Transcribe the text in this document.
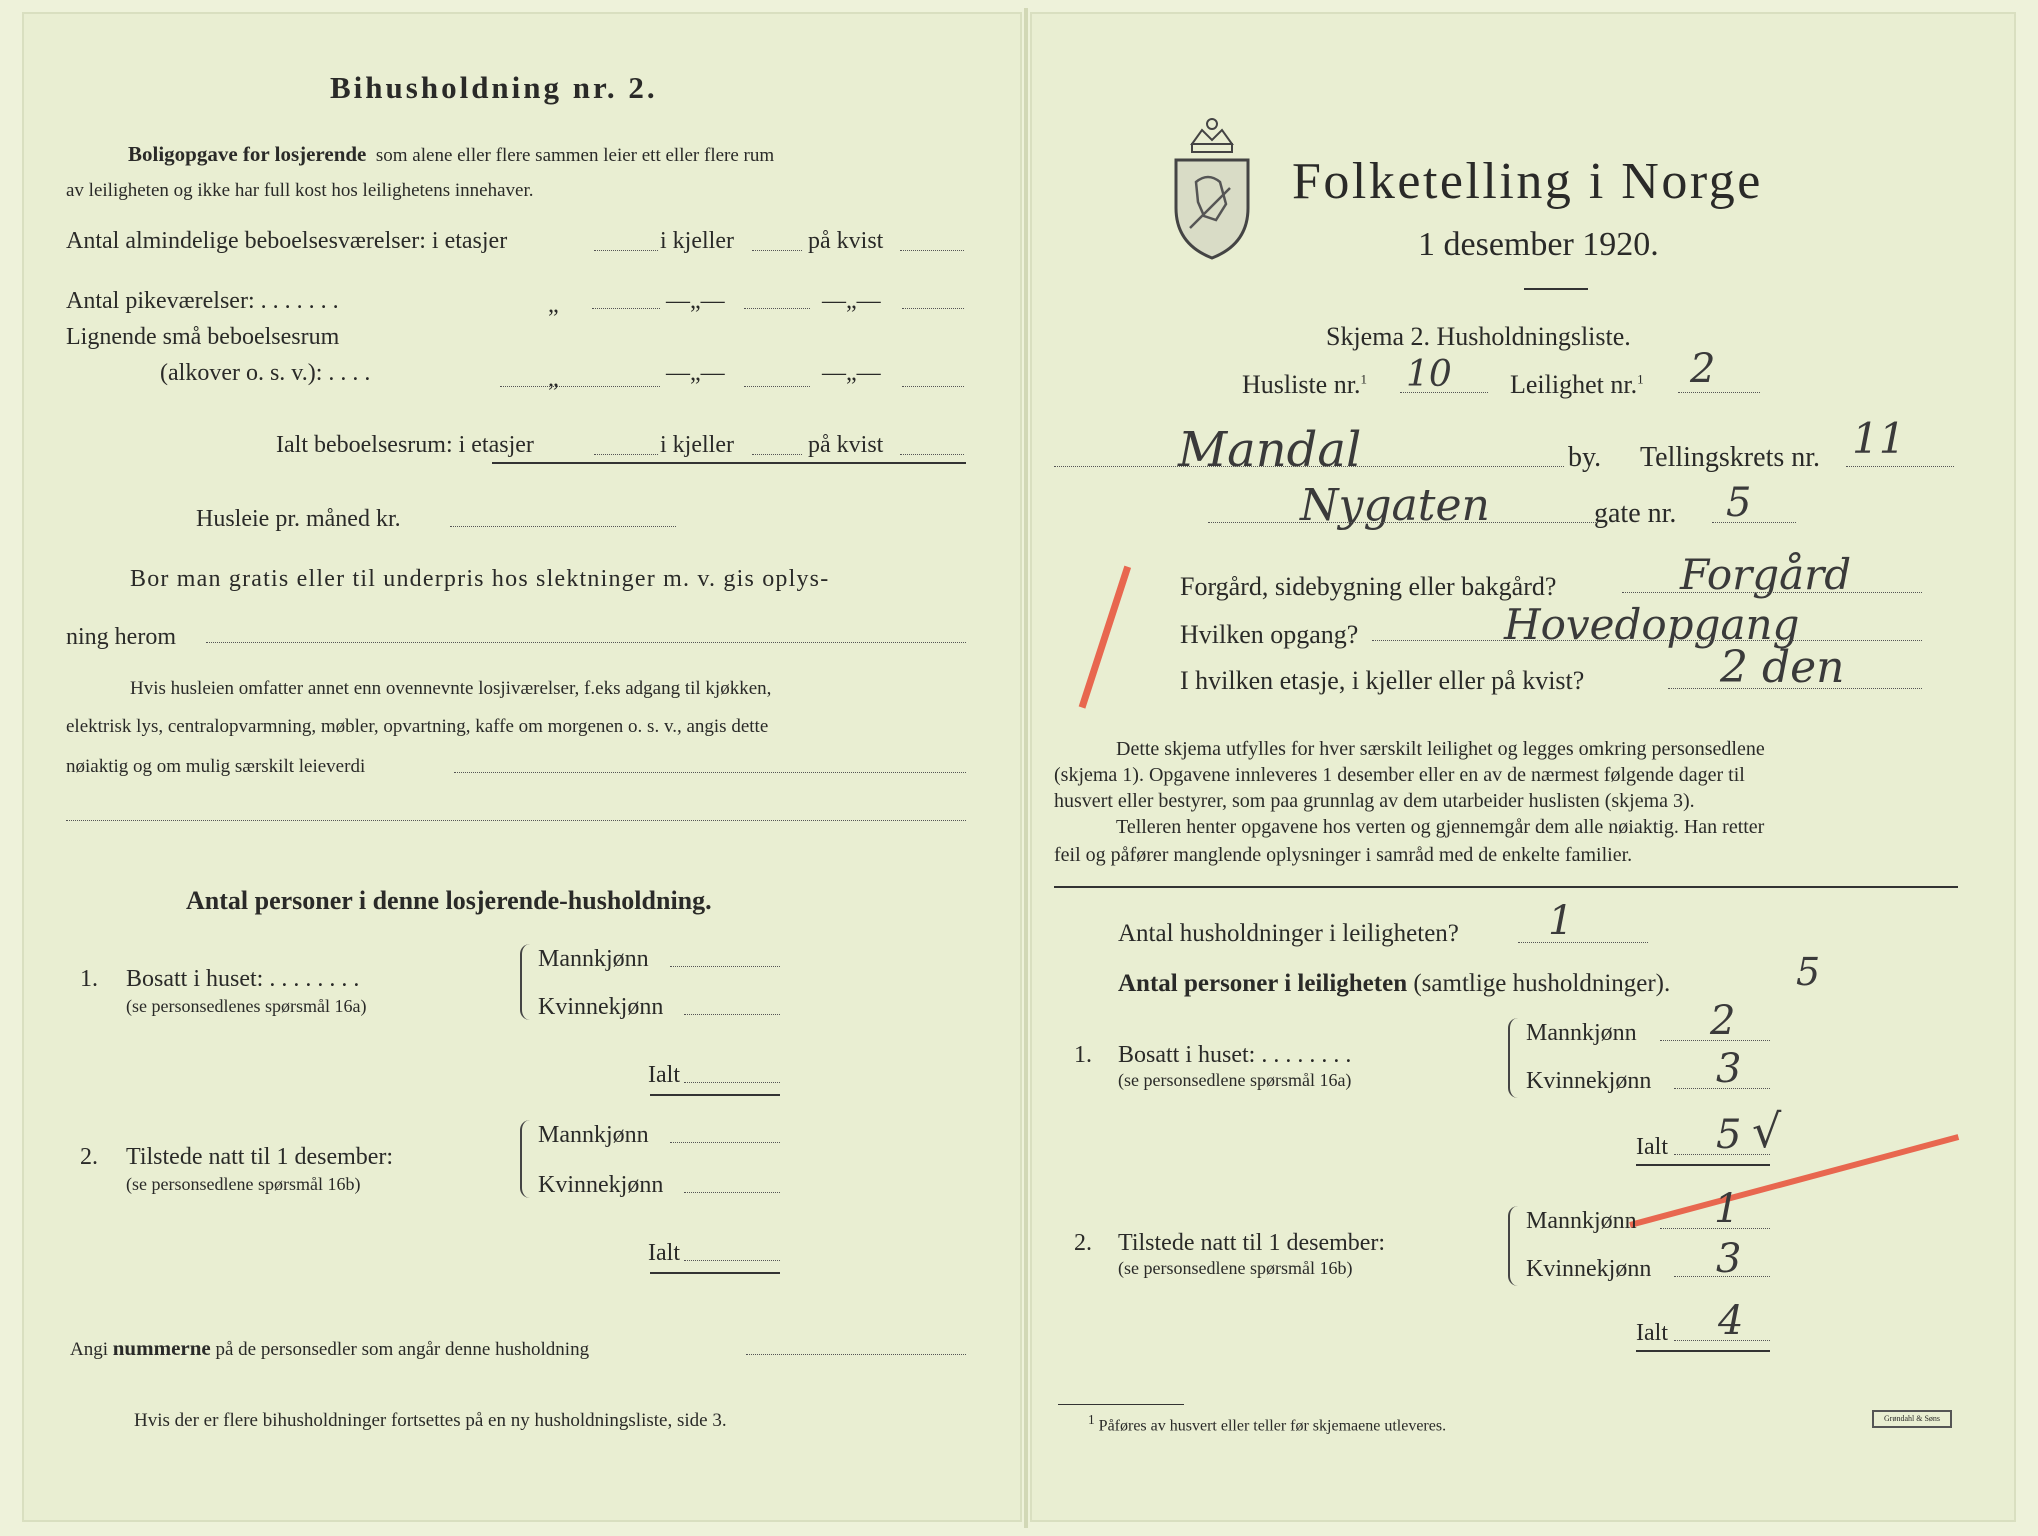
Bihusholdning nr. 2.
Boligopgave for losjerende som alene eller flere sammen leier ett eller flere rum
av leiligheten og ikke har full kost hos leilighetens innehaver.
Antal almindelige beboelsesværelser: i etasjer	i kjeller	på kvist
Antal pikeværelser: . . . . . . .	„	—„—	—„—
Lignende små beboelsesrum
(alkover o. s. v.): . . . .	„	—„—	—„—
Ialt beboelsesrum: i etasjer	i kjeller	på kvist
Husleie pr. måned kr.
Bor man gratis eller til underpris hos slektninger m. v. gis oplys-
ning herom
Hvis husleien omfatter annet enn ovennevnte losjiværelser, f.eks adgang til kjøkken,
elektrisk lys, centralopvarmning, møbler, opvartning, kaffe om morgenen o. s. v., angis dette
nøiaktig og om mulig særskilt leieverdi
Antal personer i denne losjerende-husholdning.
1. Bosatt i huset: . . . . . . . .
(se personsedlenes spørsmål 16a)
Mannkjønn
Kvinnekjønn
Ialt
2. Tilstede natt til 1 desember:
(se personsedlene spørsmål 16b)
Mannkjønn
Kvinnekjønn
Ialt
Angi nummerne på de personsedler som angår denne husholdning
Hvis der er flere bihusholdninger fortsettes på en ny husholdningsliste, side 3.
Folketelling i Norge
1 desember 1920.
Skjema 2. Husholdningsliste.
Husliste nr.$^1$ 10 Leilighet nr.$^1$ 2
Mandal	by. Tellingskrets nr. 11
Nygaten	gate nr. 5
Forgård, sidebygning eller bakgård?	Forgård
Hvilken opgang?	Hovedopgang
I hvilken etasje, i kjeller eller på kvist?	2 den
Dette skjema utfylles for hver særskilt leilighet og legges omkring personsedlene
(skjema 1). Opgavene innleveres 1 desember eller en av de nærmest følgende dager til
husvert eller bestyrer, som paa grunnlag av dem utarbeider huslisten (skjema 3).
Telleren henter opgavene hos verten og gjennemgår dem alle nøiaktig. Han retter
feil og påfører manglende oplysninger i samråd med de enkelte familier.
Antal husholdninger i leiligheten? 1
Antal personer i leiligheten (samtlige husholdninger).	5
1. Bosatt i huset: . . . . . . . .
(se personsedlene spørsmål 16a)
Mannkjønn 2
Kvinnekjønn 3
Ialt 5 √
2. Tilstede natt til 1 desember:
(se personsedlene spørsmål 16b)
Mannkjønn 1
Kvinnekjønn 3
Ialt 4
$^1$ Påføres av husvert eller teller før skjemaene utleveres.	Grøndahl & Søns
